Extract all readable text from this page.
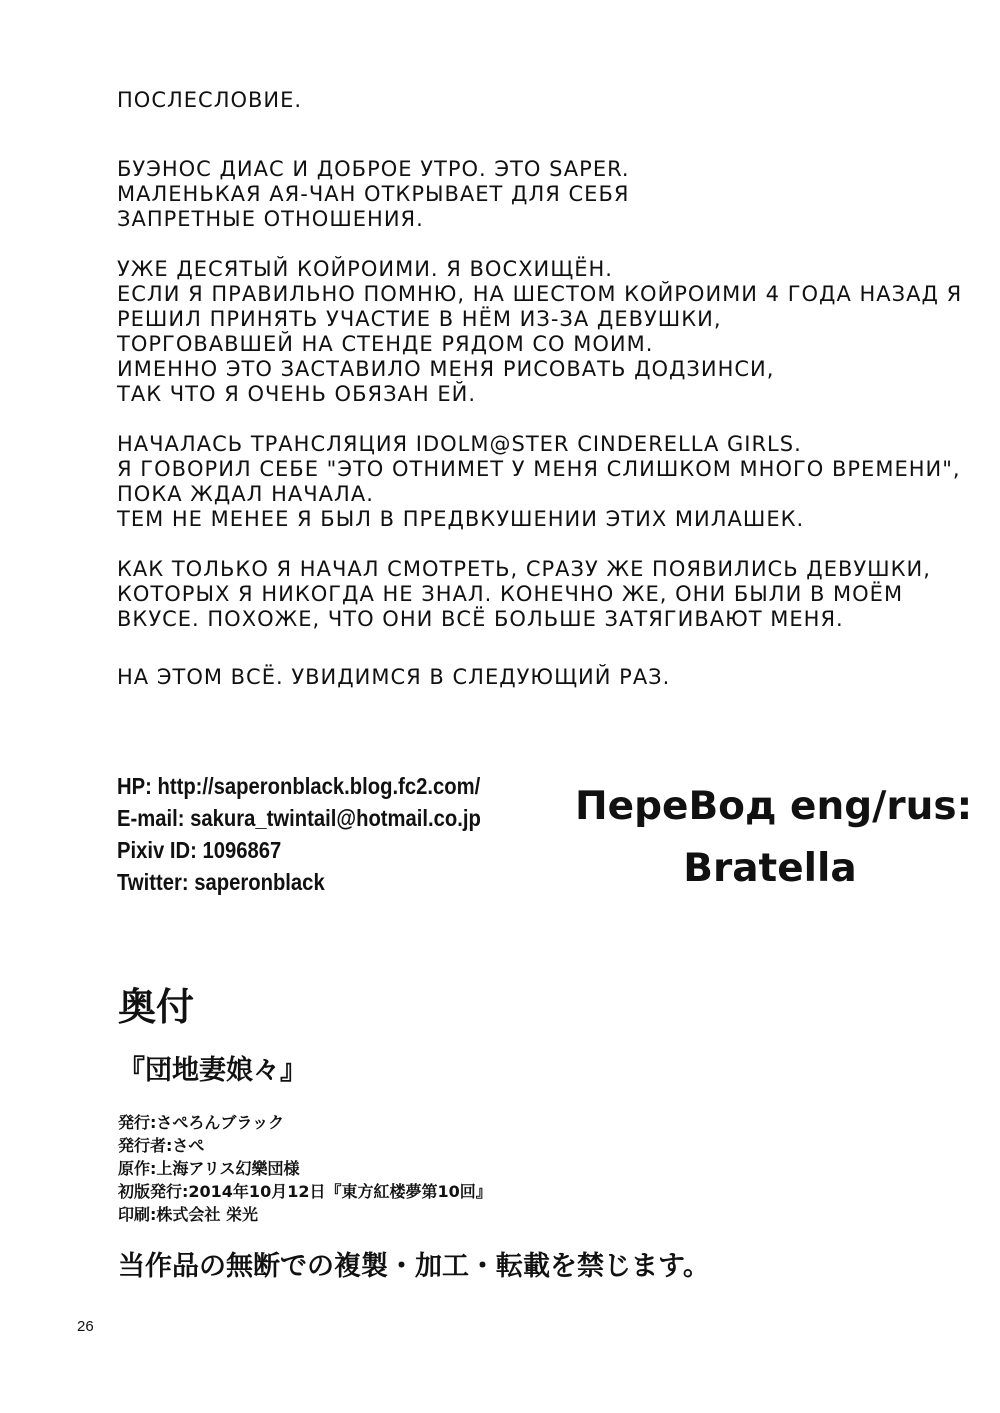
ПОСЛЕСЛОВИЕ.
БУЭНОС ДИАС И ДОБРОЕ УТРО. ЭТО SAPER.
МАЛЕНЬКАЯ АЯ-ЧАН ОТКРЫВАЕТ ДЛЯ СЕБЯ
ЗАПРЕТНЫЕ ОТНОШЕНИЯ.
УЖЕ ДЕСЯТЫЙ КОЙРОИМИ. Я ВОСХИЩЁН.
ЕСЛИ Я ПРАВИЛЬНО ПОМНЮ, НА ШЕСТОМ КОЙРОИМИ 4 ГОДА НАЗАД Я
РЕШИЛ ПРИНЯТЬ УЧАСТИЕ В НЁМ ИЗ-ЗА ДЕВУШКИ,
ТОРГОВАВШЕЙ НА СТЕНДЕ РЯДОМ СО МОИМ.
ИМЕННО ЭТО ЗАСТАВИЛО МЕНЯ РИСОВАТЬ ДОДЗИНСИ,
ТАК ЧТО Я ОЧЕНЬ ОБЯЗАН ЕЙ.
НАЧАЛАСЬ ТРАНСЛЯЦИЯ IDOLM@STER CINDERELLA GIRLS.
Я ГОВОРИЛ СЕБЕ "ЭТО ОТНИМЕТ У МЕНЯ СЛИШКОМ МНОГО ВРЕМЕНИ",
ПОКА ЖДАЛ НАЧАЛА.
ТЕМ НЕ МЕНЕЕ Я БЫЛ В ПРЕДВКУШЕНИИ ЭТИХ МИЛАШЕК.
КАК ТОЛЬКО Я НАЧАЛ СМОТРЕТЬ, СРАЗУ ЖЕ ПОЯВИЛИСЬ ДЕВУШКИ,
КОТОРЫХ Я НИКОГДА НЕ ЗНАЛ. КОНЕЧНО ЖЕ, ОНИ БЫЛИ В МОЁМ
ВКУСЕ. ПОХОЖЕ, ЧТО ОНИ ВСЁ БОЛЬШЕ ЗАТЯГИВАЮТ МЕНЯ.
НА ЭТОМ ВСЁ. УВИДИМСЯ В СЛЕДУЮЩИЙ РАЗ.
HP: http://saperonblack.blog.fc2.com/
E-mail: sakura_twintail@hotmail.co.jp
Pixiv ID: 1096867
Twitter: saperonblack
ПереВод eng/rus:
Bratella
奥付
『団地妻娘々』
発行:さぺろんブラック
発行者:さぺ
原作:上海アリス幻樂団様
初版発行:2014年10月12日『東方紅楼夢第10回』
印刷:株式会社 栄光
当作品の無断での複製・加工・転載を禁じます。
26
